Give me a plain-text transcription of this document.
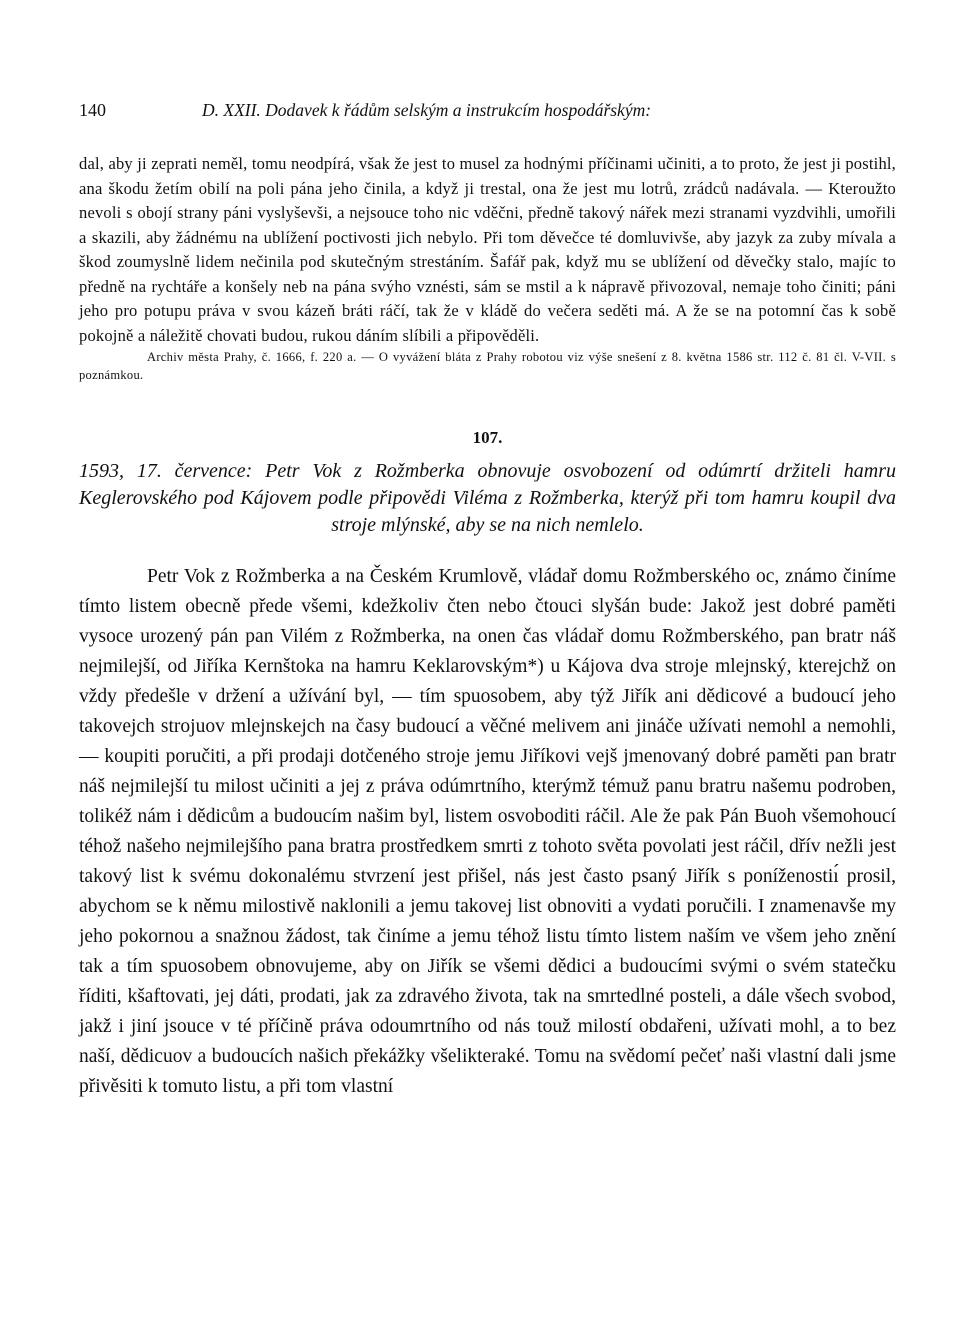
140	D. XXII. Dodavek k řádům selským a instrukcím hospodářským:

dal, aby ji zeprati neměl, tomu neodpírá, však že jest to musel za hodnými příčinami učiniti, a to proto, že jest ji postihl, ana škodu žetím obilí na poli pána jeho činila, a když ji trestal, ona že jest mu lotrů, zrádců nadávala. — Kteroužto nevoli s obojí strany páni vyslyševši, a nejsouce toho nic vděčni, předně takový nářek mezi stranami vyzdvihli, umořili a skazili, aby žádnému na ublížení poctivosti jich nebylo. Při tom děvečce té domluvivše, aby jazyk za zuby mívala a škod zoumyslně lidem nečinila pod skutečným strestáním. Šafář pak, když mu se ublížení od děvečky stalo, majíc to předně na rychtáře a konšely neb na pána svýho vznésti, sám se mstil a k nápravě přivozoval, nemaje toho činiti; páni jeho pro potupu práva v svou kázeň bráti ráčí, tak že v kládě do večera seděti má. A že se na potomní čas k sobě pokojně a náležitě chovati budou, rukou dáním slíbili a připověděli.

Archiv města Prahy, č. 1666, f. 220 a. — O vyvážení bláta z Prahy robotou viz výše snešení z 8. května 1586 str. 112 č. 81 čl. V-VII. s poznámkou.

107.

1593, 17. července: Petr Vok z Rožmberka obnovuje osvobození od odúmrtí držiteli hamru Keglerovského pod Kájovem podle připovědi Viléma z Rožmberka, kterýž při tom hamru koupil dva stroje mlýnské, aby se na nich nemlelo.

Petr Vok z Rožmberka a na Českém Krumlově, vládař domu Rožmberského oc, známo činíme tímto listem obecně přede všemi, kdežkoliv čten nebo čtouci slyšán bude: Jakož jest dobré paměti vysoce urozený pán pan Vilém z Rožmberka, na onen čas vládař domu Rožmberského, pan bratr náš nejmilejší, od Jiříka Kernštoka na hamru Keklarovským*) u Kájova dva stroje mlejnský, kterejchž on vždy předešle v držení a užívání byl, — tím spuosobem, aby týž Jiřík ani dědicové a budoucí jeho takovejch strojuov mlejnskejch na časy budoucí a věčné melivem ani jináče užívati nemohl a nemohli, — koupiti poručiti, a při prodaji dotčeného stroje jemu Jiříkovi vejš jmenovaný dobré paměti pan bratr náš nejmilejší tu milost učiniti a jej z práva odúmrtního, kterýmž témuž panu bratru našemu podroben, tolikéž nám i dědicům a budoucím našim byl, listem osvoboditi ráčil. Ale že pak Pán Buoh všemohoucí téhož našeho nejmilejšího pana bratra prostředkem smrti z tohoto světa povolati jest ráčil, dřív nežli jest takový list k svému dokonalému stvrzení jest přišel, nás jest často psaný Jiřík s poníženostiı́ prosil, abychom se k němu milostivě naklonili a jemu takovej list obnoviti a vydati poručili. I znamenavše my jeho pokornou a snažnou žádost, tak činíme a jemu téhož listu tímto listem naším ve všem jeho znění tak a tím spuosobem obnovujeme, aby on Jiřík se všemi dědici a budoucími svými o svém statečku říditi, kšaftovati, jej dáti, prodati, jak za zdravého života, tak na smrtedlné posteli, a dále všech svobod, jakž i jiní jsouce v té příčině práva odoumrtního od nás touž milostí obdařeni, užívati mohl, a to bez naší, dědicuov a budoucích našich překážky všelikteraké. Tomu na svědomí pečeť naši vlastní dali jsme přivěsiti k tomuto listu, a při tom vlastní
